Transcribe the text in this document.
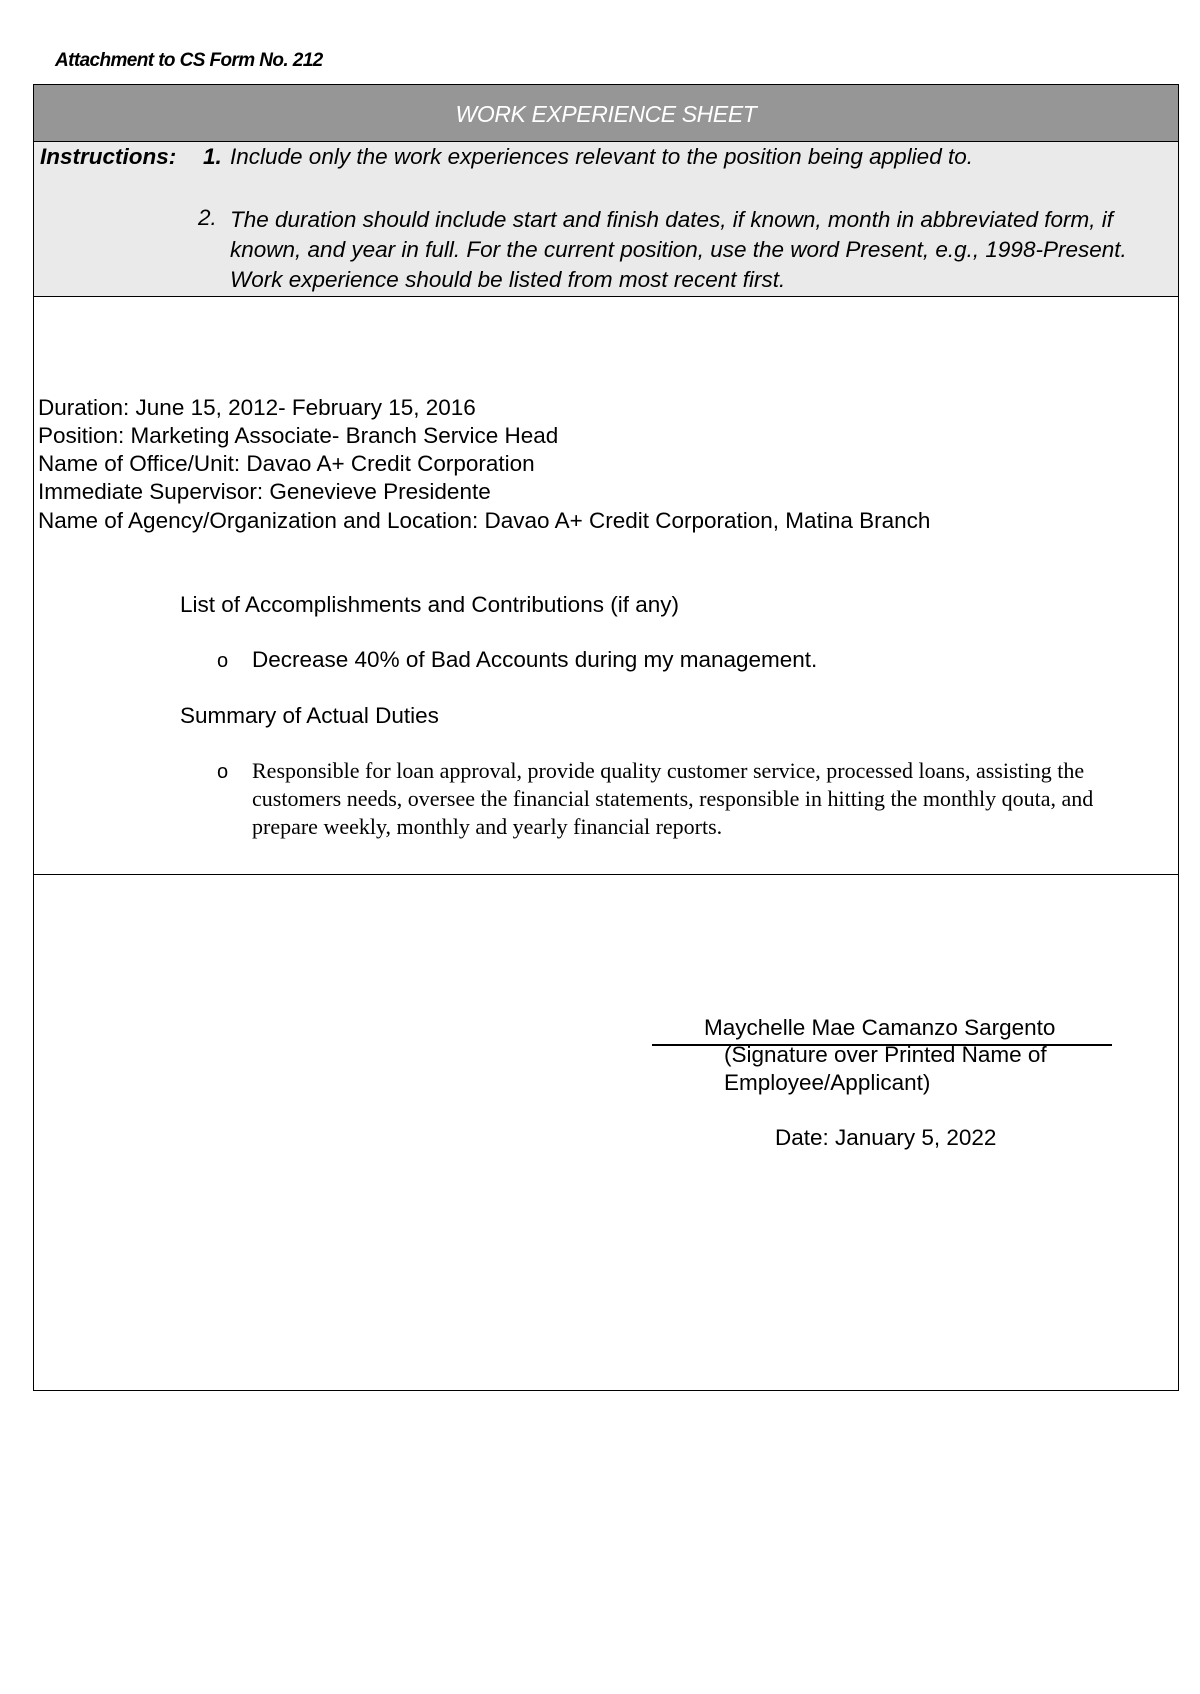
Attachment to CS Form No. 212
WORK EXPERIENCE SHEET
Instructions: 1. Include only the work experiences relevant to the position being applied to.
2. The duration should include start and finish dates, if known, month in abbreviated form, if known, and year in full. For the current position, use the word Present, e.g., 1998-Present. Work experience should be listed from most recent first.
Duration: June 15, 2012- February 15, 2016
Position: Marketing Associate- Branch Service Head
Name of Office/Unit: Davao A+ Credit Corporation
Immediate Supervisor: Genevieve Presidente
Name of Agency/Organization and Location: Davao A+ Credit Corporation, Matina Branch
List of Accomplishments and Contributions (if any)
o Decrease 40% of Bad Accounts during my management.
Summary of Actual Duties
o Responsible for loan approval, provide quality customer service, processed loans, assisting the customers needs, oversee the financial statements, responsible in hitting the monthly qouta, and prepare weekly, monthly and yearly financial reports.
Maychelle Mae Camanzo Sargento
(Signature over Printed Name of Employee/Applicant)
Date: January 5, 2022
